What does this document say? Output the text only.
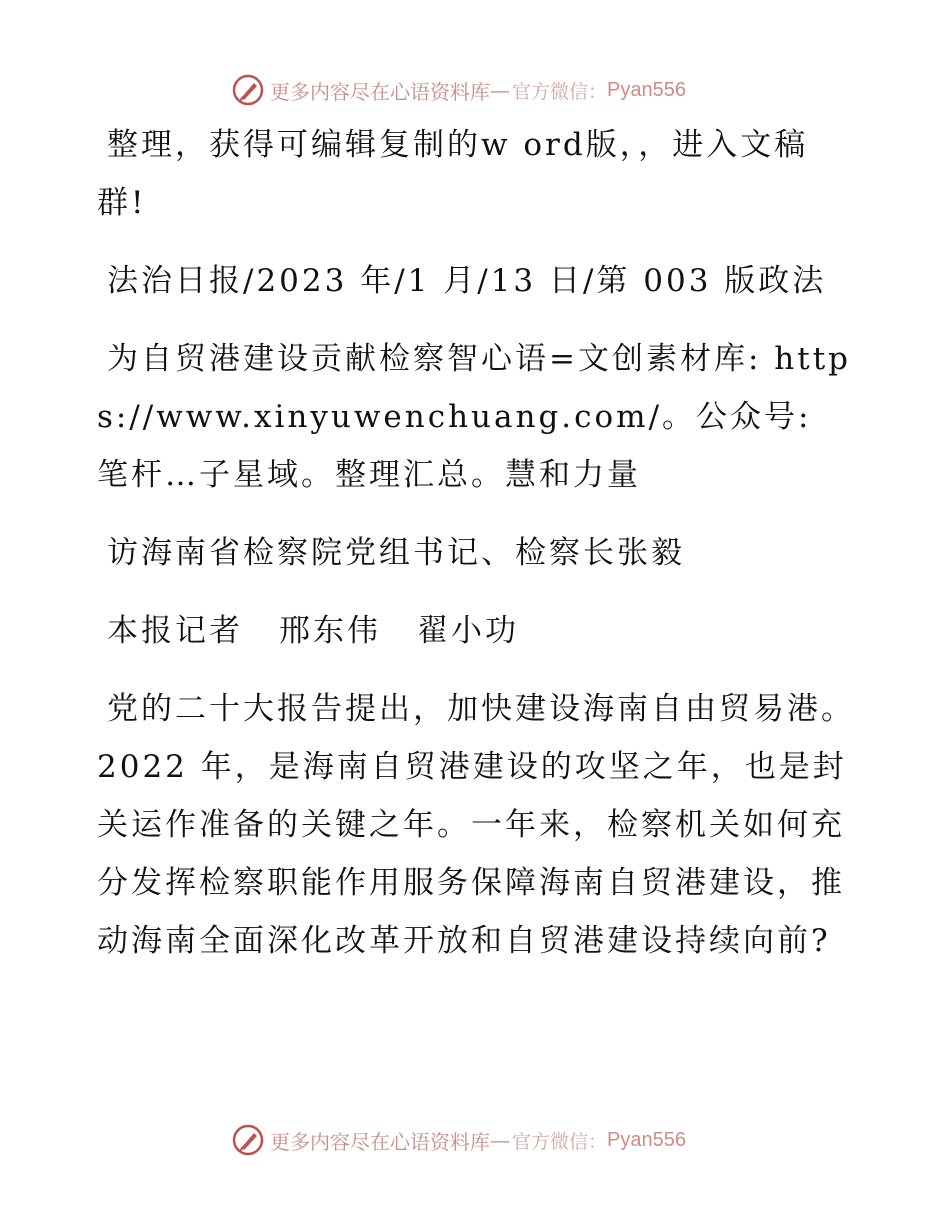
更多内容尽在心语资料库 — 官方微信： Pyan556

整理，获得可编辑复制的w ord版，，进入文稿群!

法治日报/2023 年/1 月/13 日/第 003 版政法

为自贸港建设贡献检察智心语=文创素材库: https://www.xinyuwenchuang.com/。公众号: 笔杆…子星域。整理汇总。慧和力量

访海南省检察院党组书记、检察长张毅

本报记者 邢东伟 翟小功

党的二十大报告提出，加快建设海南自由贸易港。2022 年，是海南自贸港建设的攻坚之年，也是封关运作准备的关键之年。一年来，检察机关如何充分发挥检察职能作用服务保障海南自贸港建设，推动海南全面深化改革开放和自贸港建设持续向前?

更多内容尽在心语资料库 — 官方微信： Pyan556
